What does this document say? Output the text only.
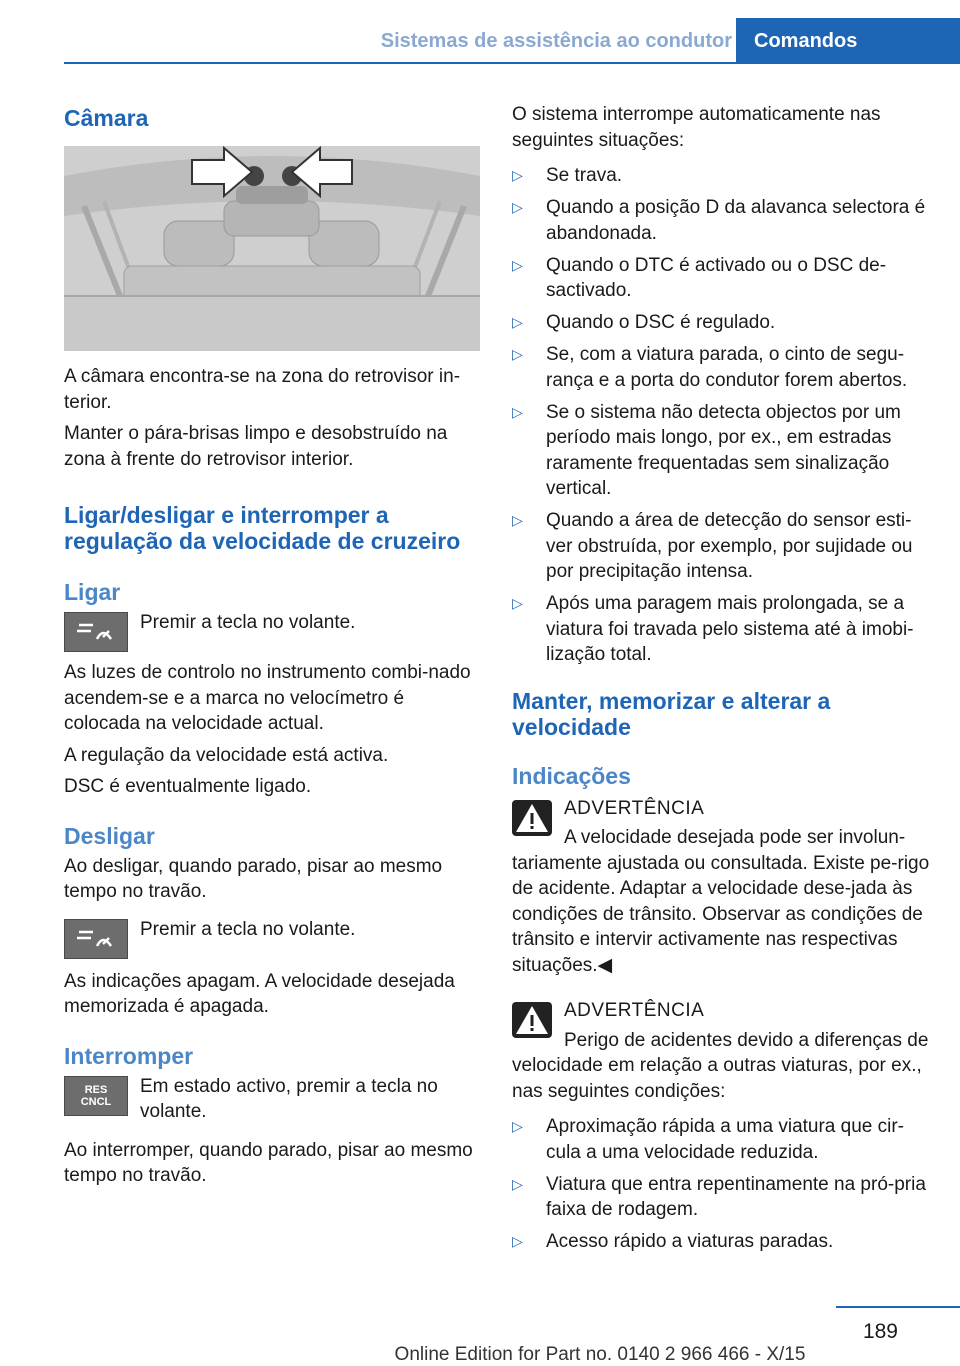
Sistemas de assistência ao condutor	Comandos
Câmara

A câmara encontra-se na zona do retrovisor in‐terior.

Manter o pára-brisas limpo e desobstruído na zona à frente do retrovisor interior.

Ligar/desligar e interromper a regulação da velocidade de cruzeiro
Ligar

Premir a tecla no volante.

As luzes de controlo no instrumento combi‐nado acendem-se e a marca no velocímetro é colocada na velocidade actual.

A regulação da velocidade está activa.

DSC é eventualmente ligado.

Desligar

Ao desligar, quando parado, pisar ao mesmo tempo no travão.

Premir a tecla no volante.

As indicações apagam. A velocidade desejada memorizada é apagada.

Interromper
RES
CNCL

Em estado activo, premir a tecla no volante.

Ao interromper, quando parado, pisar ao mesmo tempo no travão.

O sistema interrompe automaticamente nas seguintes situações:

▷ Se trava.
▷ Quando a posição D da alavanca selectora é abandonada.
▷ Quando o DTC é activado ou o DSC de‐sactivado.
▷ Quando o DSC é regulado.
▷ Se, com a viatura parada, o cinto de segu‐rança e a porta do condutor forem abertos.
▷ Se o sistema não detecta objectos por um período mais longo, por ex., em estradas raramente frequentadas sem sinalização vertical.
▷ Quando a área de detecção do sensor esti‐ver obstruída, por exemplo, por sujidade ou por precipitação intensa.
▷ Após uma paragem mais prolongada, se a viatura foi travada pelo sistema até à imobi‐lização total.
Manter, memorizar e alterar a velocidade
Indicações
ADVERTÊNCIA

A velocidade desejada pode ser involun‐tariamente ajustada ou consultada. Existe pe‐rigo de acidente. Adaptar a velocidade dese‐jada às condições de trânsito. Observar as condições de trânsito e intervir activamente nas respectivas situações.◀

ADVERTÊNCIA

Perigo de acidentes devido a diferenças de velocidade em relação a outras viaturas, por ex., nas seguintes condições:

▷ Aproximação rápida a uma viatura que cir‐cula a uma velocidade reduzida.
▷ Viatura que entra repentinamente na pró‐pria faixa de rodagem.
▷ Acesso rápido a viaturas paradas.
189
Online Edition for Part no. 0140 2 966 466 - X/15
